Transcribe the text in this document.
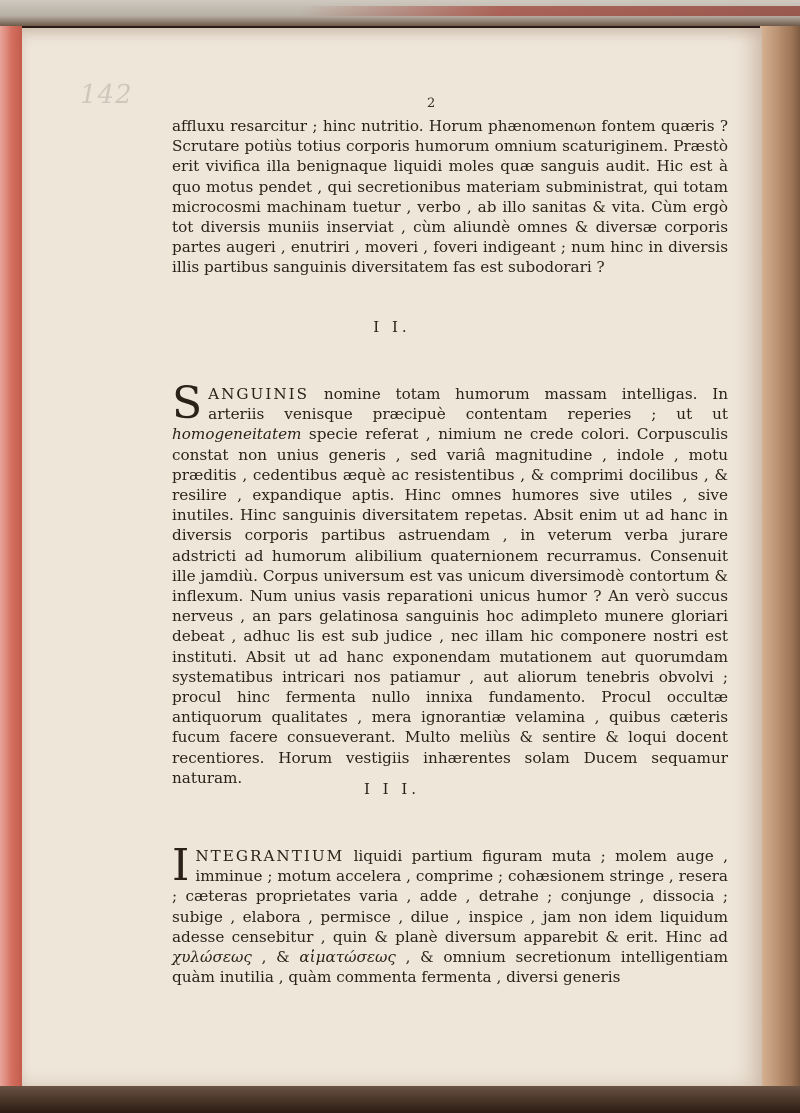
142	2
affluxu resarcitur ; hinc nutritio. Horum phænomenωn fontem quæris ? Scrutare potiùs totius corporis humorum omnium scaturiginem. Præstò erit vivifica illa benignaque liquidi moles quæ sanguis audit. Hic est à quo motus pendet , qui secretionibus materiam subministrat, qui totam microcosmi machinam tuetur , verbo , ab illo sanitas & vita. Cùm ergò tot diversis muniis inserviat , cùm aliundè omnes & diversæ corporis partes augeri , enutriri , moveri , foveri indigeant ; num hinc in diversis illis partibus sanguinis diversitatem fas est subodorari ?
I I.
SANGUINIS nomine totam humorum massam intelligas. In arteriis venisque præcipuè contentam reperies ; ut ut homogeneitatem specie referat , nimium ne crede colori. Corpusculis constat non unius generis , sed variâ magnitudine , indole , motu præditis , cedentibus æquè ac resistentibus , & comprimi docilibus , & resilire , expandique aptis. Hinc omnes humores sive utiles , sive inutiles. Hinc sanguinis diversitatem repetas. Absit enim ut ad hanc in diversis corporis partibus astruendam , in veterum verba jurare adstricti ad humorum alibilium quaternionem recurramus. Consenuit ille jamdiù. Corpus universum est vas unicum diversimodè contortum & inflexum. Num unius vasis reparationi unicus humor ? An verò succus nerveus , an pars gelatinosa sanguinis hoc adimpleto munere gloriari debeat , adhuc lis est sub judice , nec illam hic componere nostri est instituti. Absit ut ad hanc exponendam mutationem aut quorumdam systematibus intricari nos patiamur , aut aliorum tenebris obvolvi ; procul hinc fermenta nullo innixa fundamento. Procul occultæ antiquorum qualitates , mera ignorantiæ velamina , quibus cæteris fucum facere consueverant. Multo meliùs & sentire & loqui docent recentiores. Horum vestigiis inhærentes solam Ducem sequamur naturam.
I I I.
INTEGRANTIUM liquidi partium figuram muta ; molem auge , imminue ; motum accelera , comprime ; cohæsionem stringe , resera ; cæteras proprietates varia , adde , detrahe ; conjunge , dissocia ; subige , elabora , permisce , dilue , inspice , jam non idem liquidum adesse censebitur , quin & planè diversum apparebit & erit. Hinc ad χυλώσεως , & αἱματώσεως , & omnium secretionum intelligentiam quàm inutilia , quàm commenta fermenta , diversi generis
